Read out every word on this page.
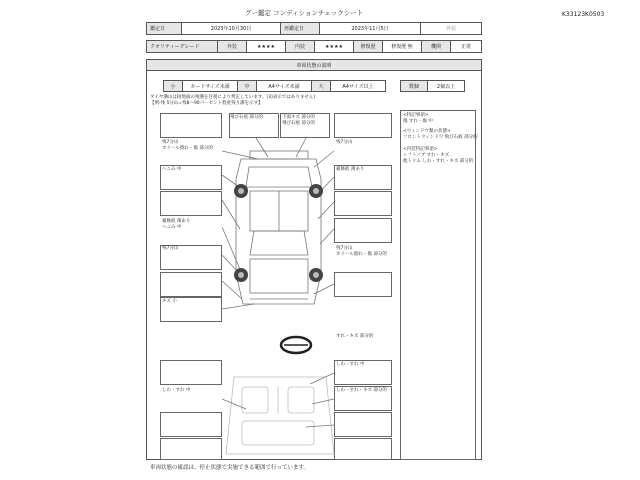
グー鑑定 コンディションチェックシート	K33123K0503
鑑定日	2023年10月30日	再鑑定日	2023年11月5日	外装
クオリティーグレード	外装	★★★★	内装	★★★★	修復歴	修復歴 無	機関	正常
車両状態の説明
小	カードサイズ未満	中	A4サイズ未満	大	A4サイズ以上	数個	2個以上
タイヤ溝山は接地面の残溝を目視により判定しています。(3)表示ではありません)
【例:残 5分山=残8～90パーセント程度残り溝を示す】
<特記事項>
傷 すれ・傷 中
<ウィンドウ類の状態>
フロントウィンドウ 飛び石痕 部分的
<内装特記事項>
シフトノブ すれ・キズ
他トリム しわ・すれ・キズ 部分的
飛び石痕 部分的	下面キズ 部分的
飛び石痕 部分的
残7分山
残7分山
ホイール擦れ・傷 部分的
へこみ 中	補修痕 薄あり
補修痕 薄あり
へこみ 中
残7分山
ホイール擦れ・傷 部分的
残7分山
キズ 小
すれ・キズ 部分的
しわ・すれ 中
しわ・すれ・キズ 部分的
しわ・すれ 中
車両状態の確認は、停止状態で実施できる範囲で行っています。
